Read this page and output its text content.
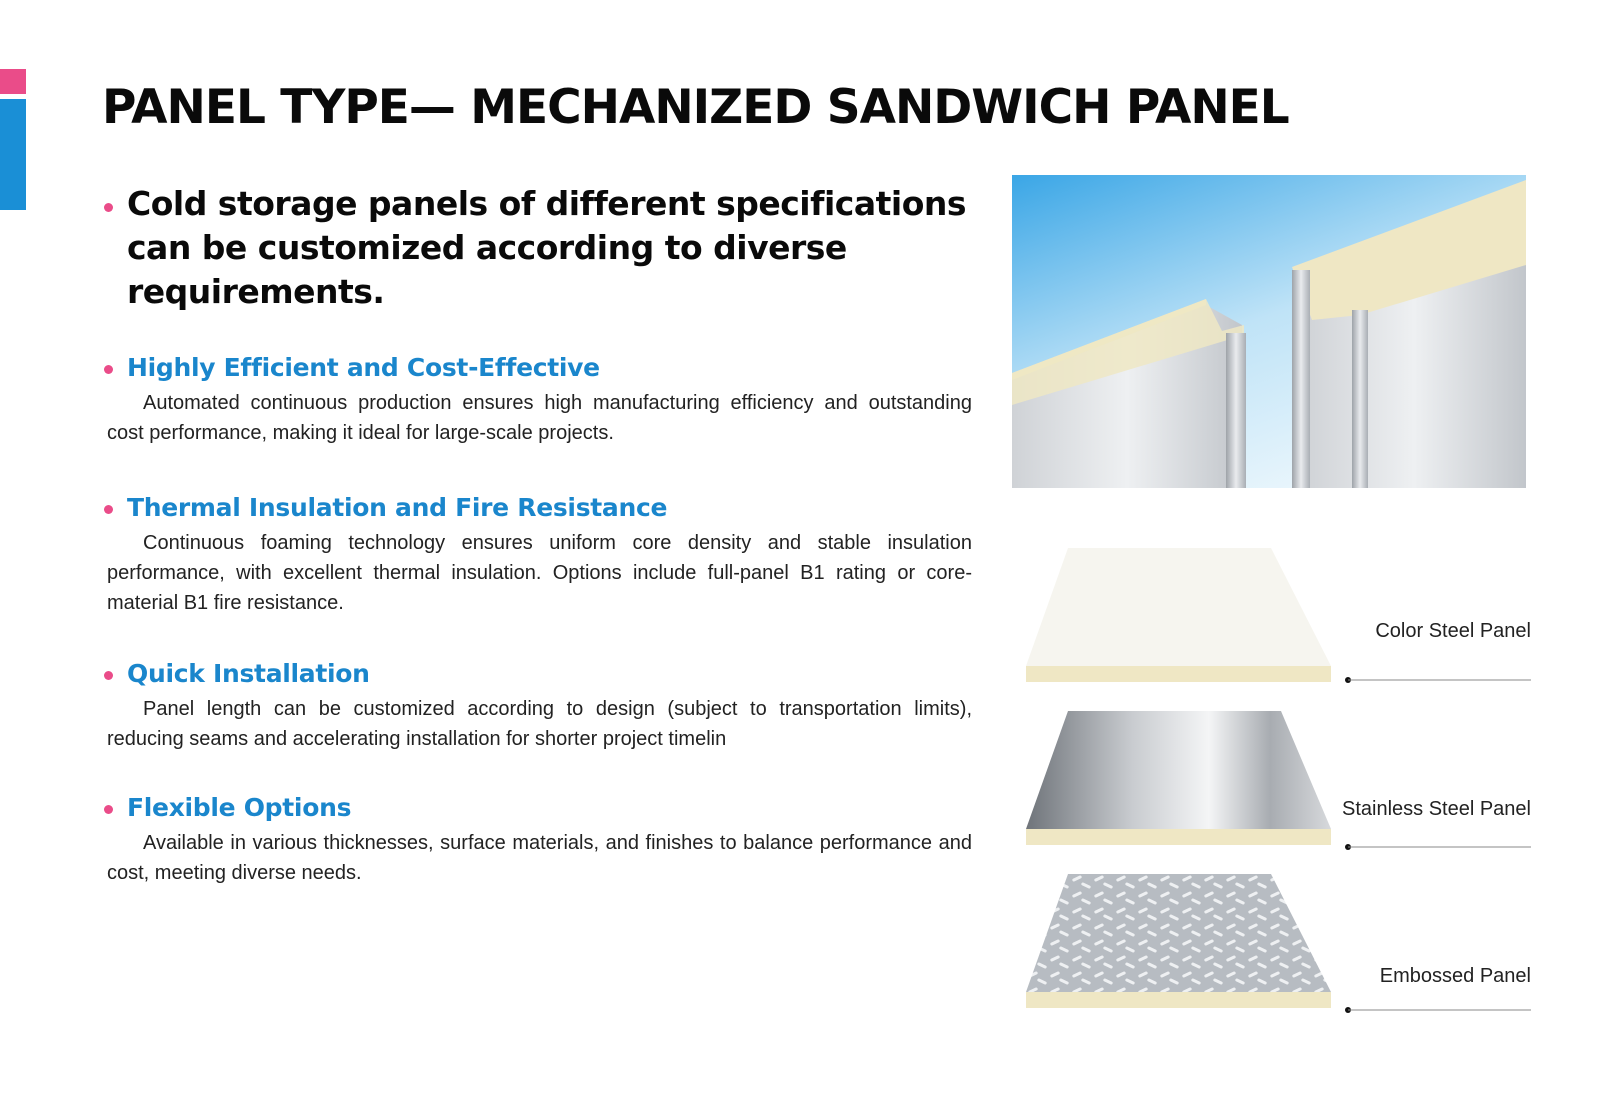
PANEL TYPE— MECHANIZED SANDWICH PANEL

Cold storage panels of different specifications can be customized according to diverse requirements.

Highly Efficient and Cost-Effective

Automated continuous production ensures high manufacturing efficiency and outstanding cost performance, making it ideal for large-scale projects.

Thermal Insulation and Fire Resistance

Continuous foaming technology ensures uniform core density and stable insulation performance, with excellent thermal insulation. Options include full-panel B1 rating or core-material B1 fire resistance.

Quick Installation

Panel length can be customized according to design (subject to transportation limits), reducing seams and accelerating installation for shorter project timelin

Flexible Options

Available in various thicknesses, surface materials, and finishes to balance performance and cost, meeting diverse needs.

Color Steel Panel
Stainless Steel Panel
Embossed Panel
